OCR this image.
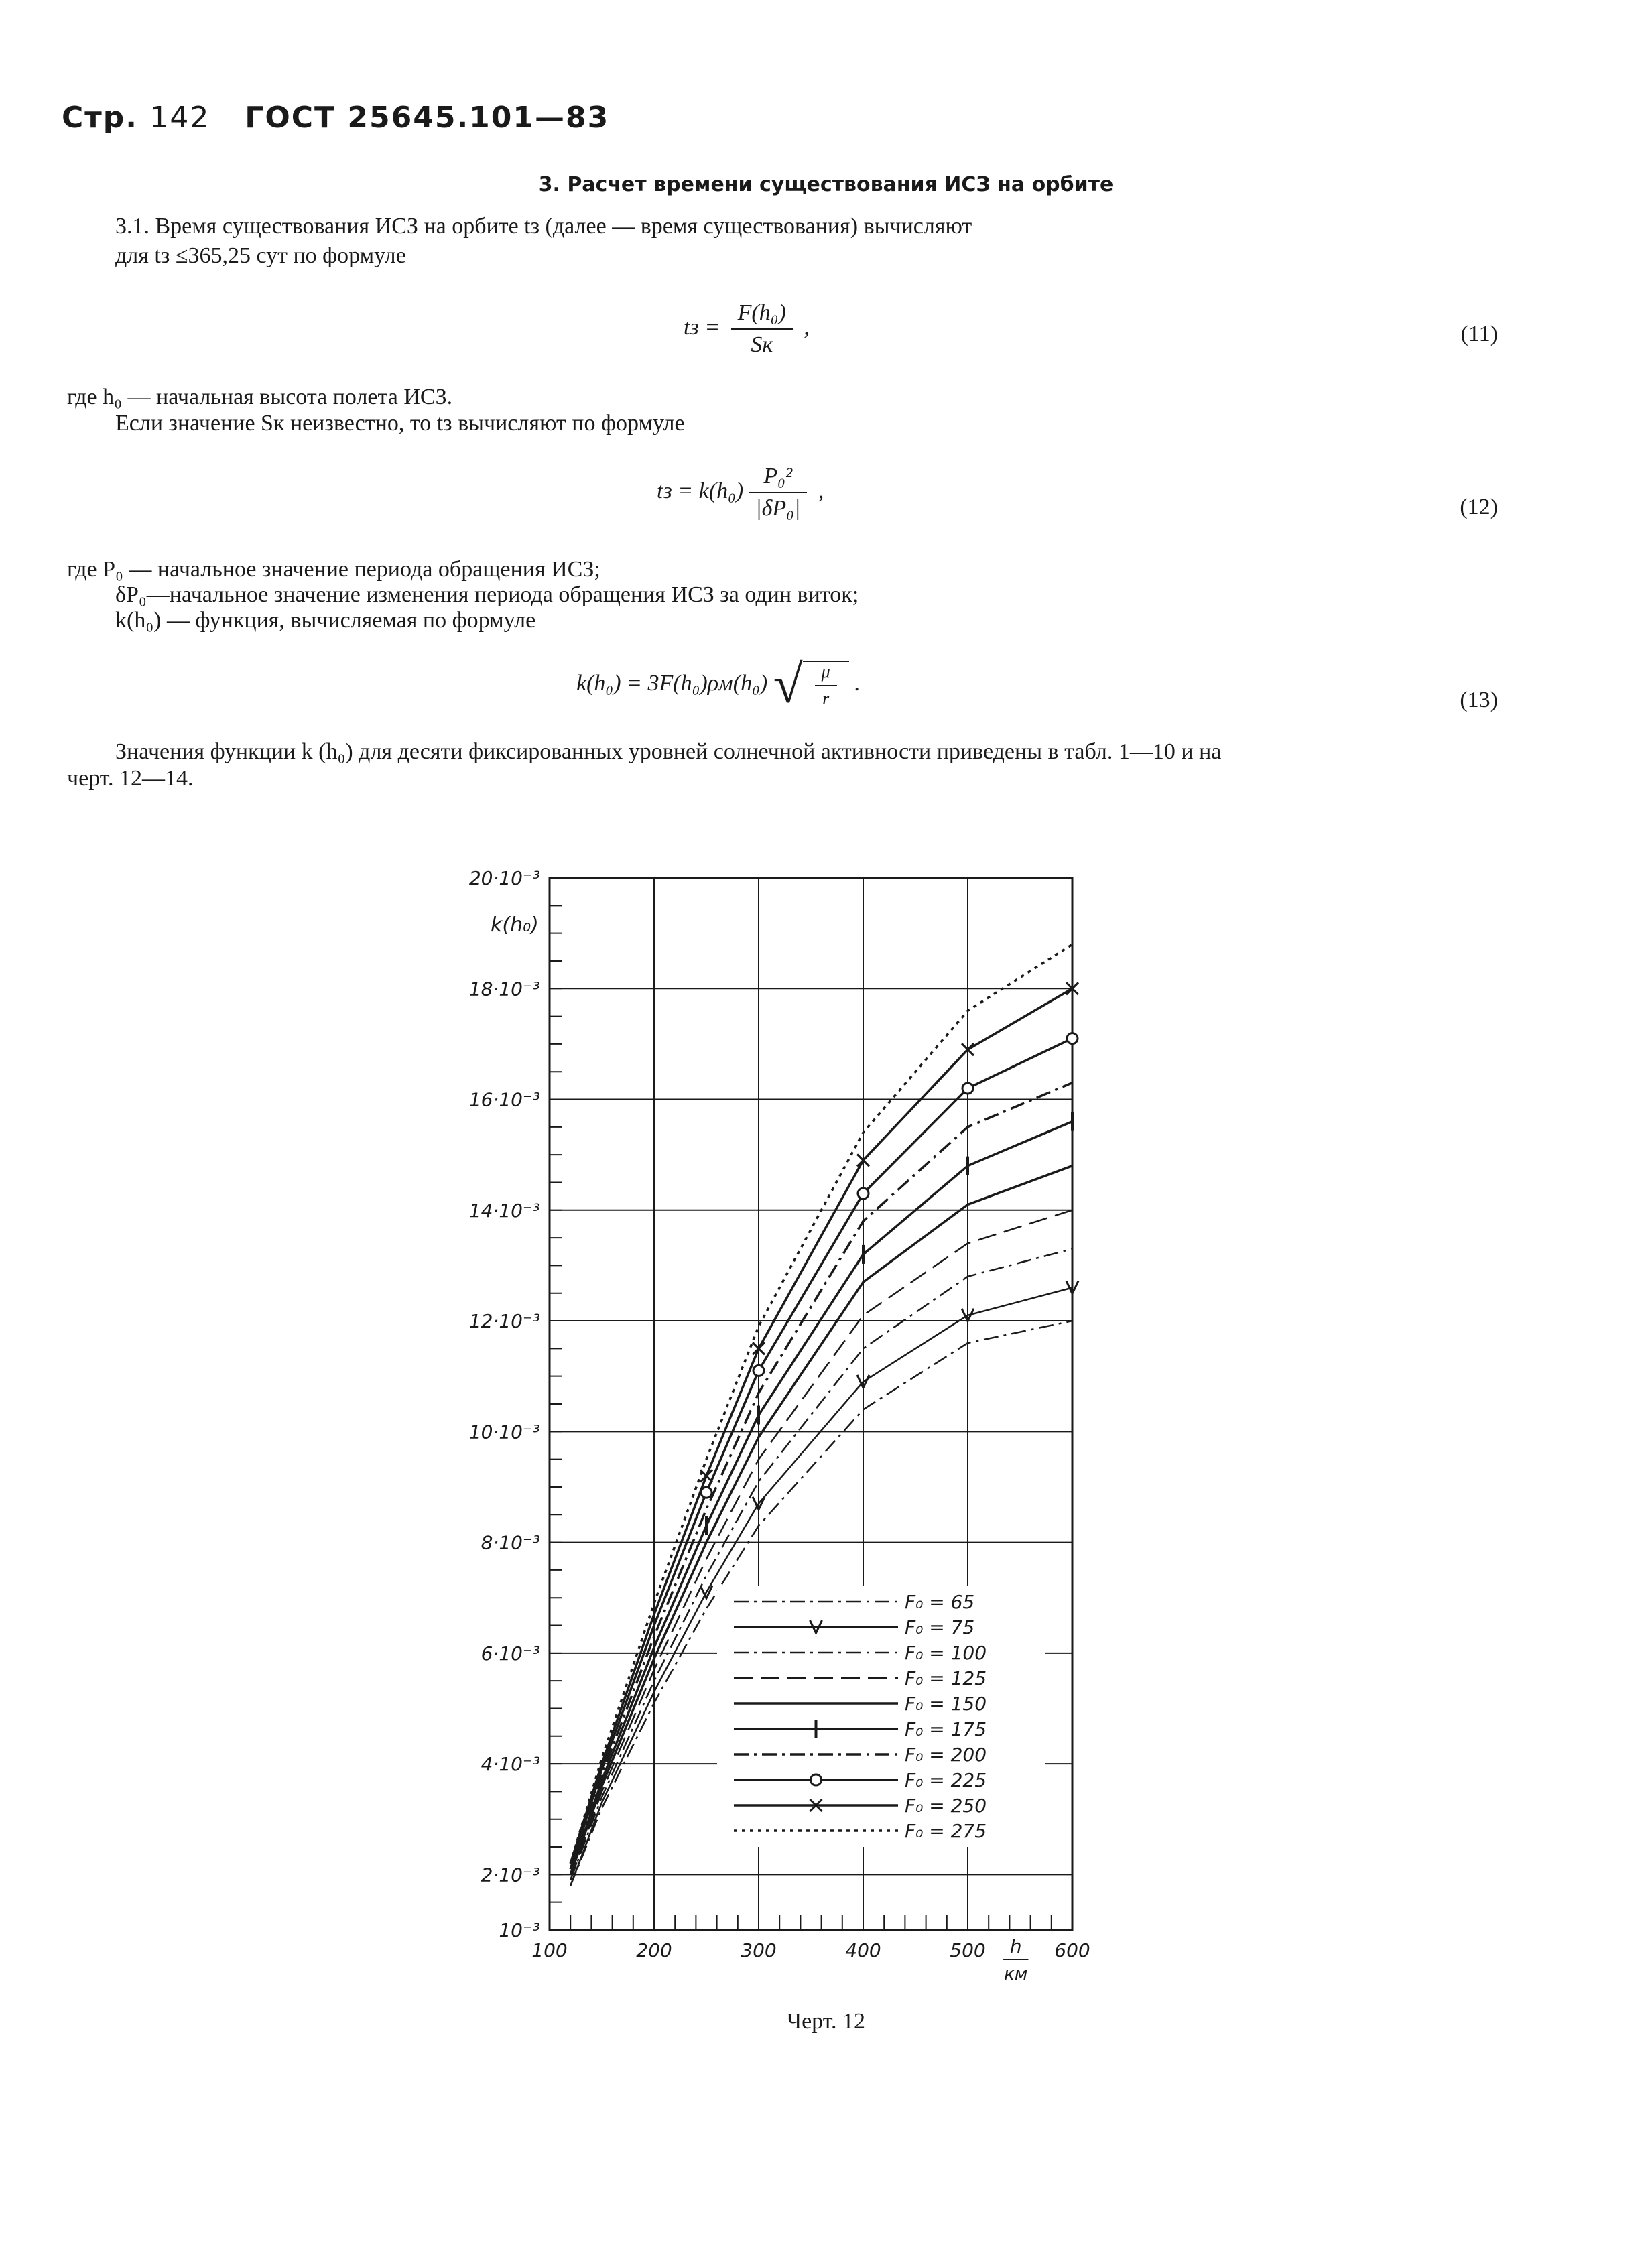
Стр. 142 ГОСТ 25645.101—83
3. Расчет времени существования ИСЗ на орбите
3.1. Время существования ИСЗ на орбите tз (далее — время существования) вычисляют
для tз ≤365,25 сут по формуле
tз = $\frac{\text{F(h₀)}}{Sк}$ ,	(11)
где h₀ — начальная высота полета ИСЗ.
Если значение Sк неизвестно, то tз вычисляют по формуле
tз = $k(h_0) \frac{\text{P₀²}}{\text{|δP₀|}}$ ,
(12)
где P₀ — начальное значение периода обращения ИСЗ;
δP₀—начальное значение изменения периода обращения ИСЗ за один виток;
k(h₀) — функция, вычисляемая по формуле
k(h₀) = 3F(h₀)ρм(h₀) √ $\frac{\mu}{r}$ .
(13)
Значения функции k (h₀) для десяти фиксированных уровней солнечной активности приведены в табл. 1—10 и на
черт. 12—14.
100	200	300	400	500	600
10⁻³
2·10⁻³
4·10⁻³
6·10⁻³
8·10⁻³
10·10⁻³
12·10⁻³
14·10⁻³
16·10⁻³
18·10⁻³
20·10⁻³
k(h₀)
h
км
F₀ = 65
F₀ = 75
F₀ = 100
F₀ = 125
F₀ = 150
F₀ = 175
F₀ = 200
F₀ = 225
F₀ = 250
F₀ = 275
Черт. 12
